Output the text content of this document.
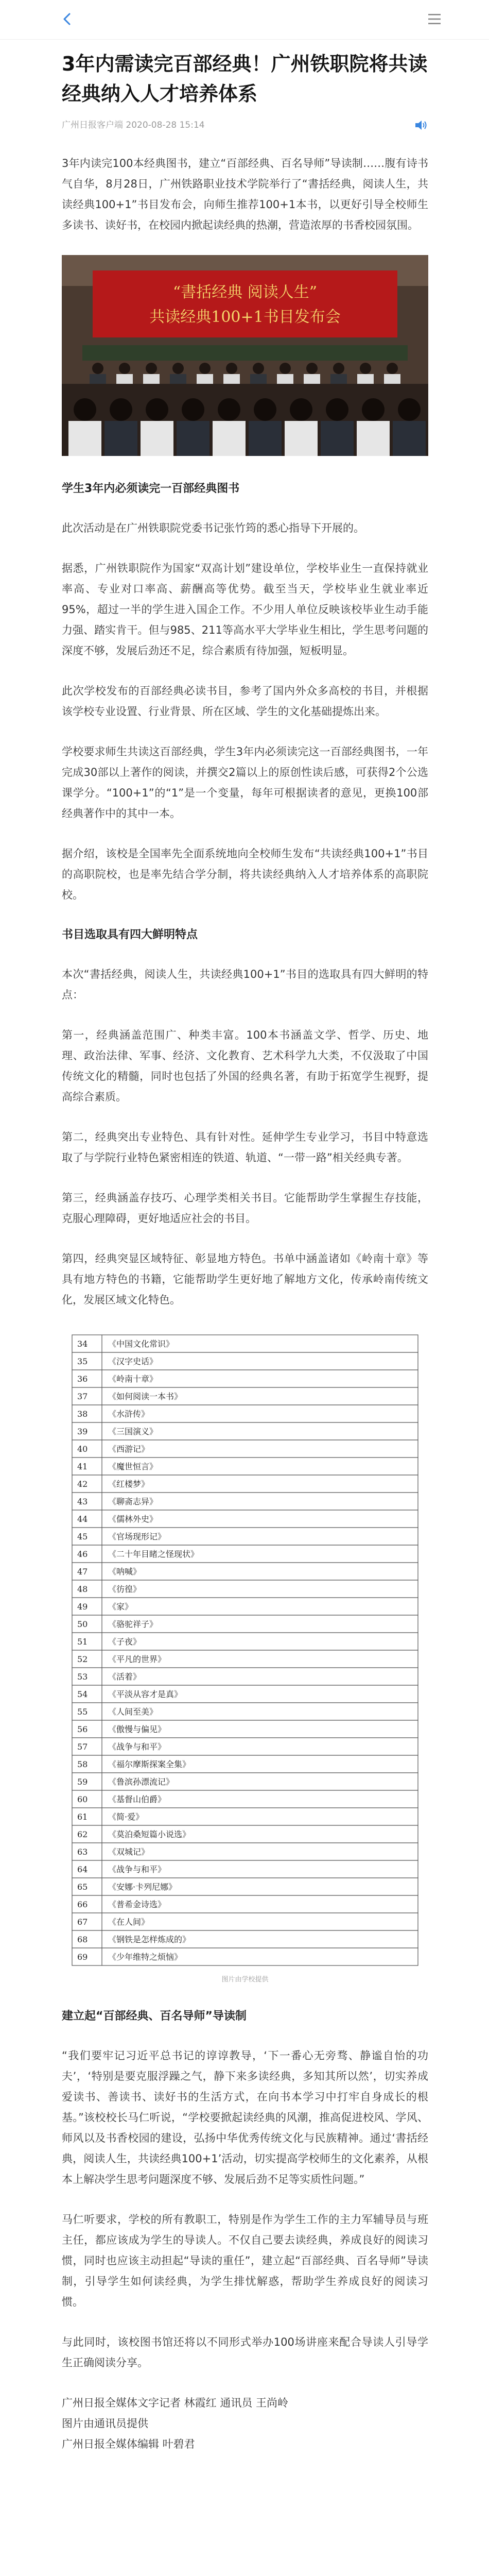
3年内需读完百部经典！广州铁职院将共读经典纳入人才培养体系
广州日报客户端 2020-08-28 15:14

3年内读完100本经典图书，建立“百部经典、百名导师”导读制……腹有诗书气自华，8月28日，广州铁路职业技术学院举行了“書括经典，阅读人生，共读经典100+1”书目发布会，向师生推荐100+1本书，以更好引导全校师生多读书、读好书，在校园内掀起读经典的热潮，营造浓厚的书香校园氛围。

“書括经典 阅读人生”
共读经典100+1书目发布会
学生3年内必须读完一百部经典图书

此次活动是在广州铁职院党委书记张竹筠的悉心指导下开展的。

据悉，广州铁职院作为国家“双高计划”建设单位，学校毕业生一直保持就业率高、专业对口率高、薪酬高等优势。截至当天，学校毕业生就业率近95%，超过一半的学生进入国企工作。不少用人单位反映该校毕业生动手能力强、踏实肯干。但与985、211等高水平大学毕业生相比，学生思考问题的深度不够，发展后劲还不足，综合素质有待加强，短板明显。

此次学校发布的百部经典必读书目，参考了国内外众多高校的书目，并根据该学校专业设置、行业背景、所在区域、学生的文化基础提炼出来。

学校要求师生共读这百部经典，学生3年内必须读完这一百部经典图书，一年完成30部以上著作的阅读，并撰交2篇以上的原创性读后感，可获得2个公选课学分。“100+1”的“1”是一个变量，每年可根据读者的意见，更换100部经典著作中的其中一本。

据介绍，该校是全国率先全面系统地向全校师生发布“共读经典100+1”书目的高职院校，也是率先结合学分制，将共读经典纳入人才培养体系的高职院校。

书目选取具有四大鲜明特点

本次“書括经典，阅读人生，共读经典100+1”书目的选取具有四大鲜明的特点：

第一，经典涵盖范围广、种类丰富。100本书涵盖文学、哲学、历史、地理、政治法律、军事、经济、文化教育、艺术科学九大类，不仅汲取了中国传统文化的精髓，同时也包括了外国的经典名著，有助于拓宽学生视野，提高综合素质。

第二，经典突出专业特色、具有针对性。延伸学生专业学习，书目中特意选取了与学院行业特色紧密相连的铁道、轨道、“一带一路”相关经典专著。

第三，经典涵盖存技巧、心理学类相关书目。它能帮助学生掌握生存技能，克服心理障碍，更好地适应社会的书目。

第四，经典突显区域特征、彰显地方特色。书单中涵盖诸如《岭南十章》等具有地方特色的书籍，它能帮助学生更好地了解地方文化，传承岭南传统文化，发展区域文化特色。

34 《中国文化常识》
35 《汉字史话》
36 《岭南十章》
37 《如何阅读一本书》
38 《水浒传》
39 《三国演义》
40 《西游记》
41 《魔世恒言》
42 《红楼梦》
43 《聊斋志异》
44 《儒林外史》
45 《官场现形记》
46 《二十年目睹之怪现状》
47 《呐喊》
48 《彷徨》
49 《家》
50 《骆驼祥子》
51 《子夜》
52 《平凡的世界》
53 《活着》
54 《平淡从容才是真》
55 《人间至美》
56 《傲慢与偏见》
57 《战争与和平》
58 《福尔摩斯探案全集》
59 《鲁滨孙漂流记》
60 《基督山伯爵》
61 《简·爱》
62 《莫泊桑短篇小说选》
63 《双城记》
64 《战争与和平》
65 《安娜·卡列尼娜》
66 《普希金诗选》
67 《在人间》
68 《钢铁是怎样炼成的》
69 《少年维特之烦恼》
图片由学校提供
建立起“百部经典、百名导师”导读制

“我们要牢记习近平总书记的谆谆教导，‘下一番心无旁骛、静谧自怡的功夫’，‘特别是要克服浮躁之气，静下来多读经典，多知其所以然’，切实养成爱读书、善读书、读好书的生活方式，在向书本学习中打牢自身成长的根基。”该校校长马仁听说，“学校要掀起读经典的风潮，推高促进校风、学风、师风以及书香校园的建设，弘扬中华优秀传统文化与民族精神。通过‘書括经典，阅读人生，共读经典100+1’活动，切实提高学校师生的文化素养，从根本上解决学生思考问题深度不够、发展后劲不足等实质性问题。”

马仁听要求，学校的所有教职工，特别是作为学生工作的主力军辅导员与班主任，都应该成为学生的导读人。不仅自己要去读经典，养成良好的阅读习惯，同时也应该主动担起“导读的重任”，建立起“百部经典、百名导师”导读制，引导学生如何读经典，为学生排忧解惑，帮助学生养成良好的阅读习惯。

与此同时，该校图书馆还将以不同形式举办100场讲座来配合导读人引导学生正确阅读分享。

广州日报全媒体文字记者 林霞红 通讯员 王尚岭
图片由通讯员提供
广州日报全媒体编辑 叶碧君
